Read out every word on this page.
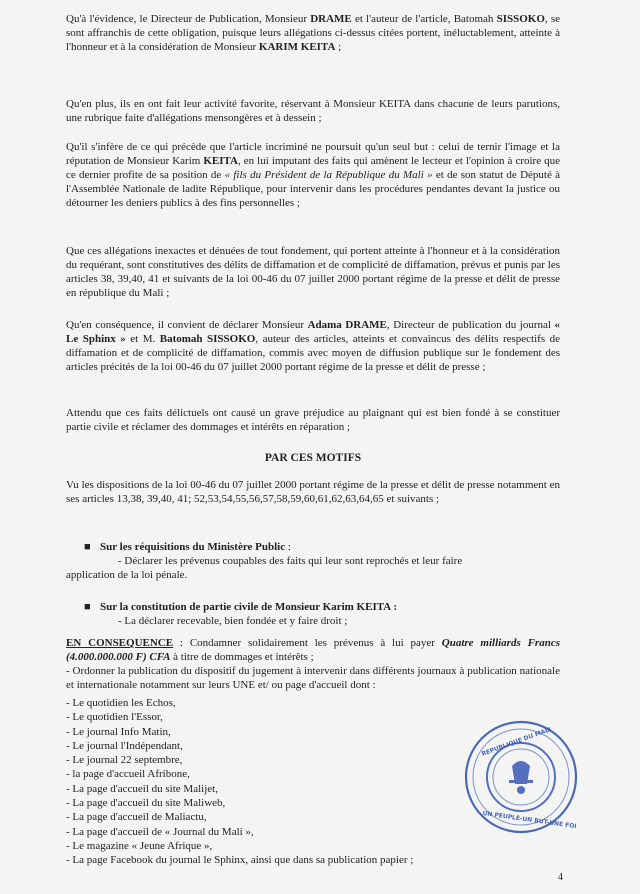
Qu'à l'évidence, le Directeur de Publication, Monsieur DRAME et l'auteur de l'article, Batomah SISSOKO, se sont affranchis de cette obligation, puisque leurs allégations ci-dessus citées portent, inéluctablement, atteinte à l'honneur et à la considération de Monsieur KARIM KEITA ;

Qu'en plus, ils en ont fait leur activité favorite, réservant à Monsieur KEITA dans chacune de leurs parutions, une rubrique faite d'allégations mensongères et à dessein ;

Qu'il s'infère de ce qui précède que l'article incriminé ne poursuit qu'un seul but : celui de ternir l'image et la réputation de Monsieur Karim KEITA, en lui imputant des faits qui amènent le lecteur et l'opinion à croire que ce dernier profite de sa position de « fils du Président de la République du Mali » et de son statut de Député à l'Assemblée Nationale de ladite République, pour intervenir dans les procédures pendantes devant la justice ou détourner les deniers publics à des fins personnelles ;

Que ces allégations inexactes et dénuées de tout fondement, qui portent atteinte à l'honneur et à la considération du requérant, sont constitutives des délits de diffamation et de complicité de diffamation, prévus et punis par les articles 38, 39,40, 41 et suivants de la loi 00-46 du 07 juillet 2000 portant régime de la presse et délit de presse en république du Mali ;

Qu'en conséquence, il convient de déclarer Monsieur Adama DRAME, Directeur de publication du journal « Le Sphinx » et M. Batomah SISSOKO, auteur des articles, atteints et convaincus des délits respectifs de diffamation et de complicité de diffamation, commis avec moyen de diffusion publique sur le fondement des articles précités de la loi 00-46 du 07 juillet 2000 portant régime de la presse et délit de presse ;

Attendu que ces faits délictuels ont causé un grave préjudice au plaignant qui est bien fondé à se constituer partie civile et réclamer des dommages et intérêts en réparation ;

PAR CES MOTIFS

Vu les dispositions de la loi 00-46 du 07 juillet 2000 portant régime de la presse et délit de presse notamment en ses articles 13,38, 39,40, 41; 52,53,54,55,56,57,58,59,60,61,62,63,64,65 et suivants ;

■ Sur les réquisitions du Ministère Public :
- Déclarer les prévenus coupables des faits qui leur sont reprochés et leur faire
application de la loi pénale.
■ Sur la constitution de partie civile de Monsieur Karim KEITA :
- La déclarer recevable, bien fondée et y faire droit ;

EN CONSEQUENCE : Condamner solidairement les prévenus à lui payer Quatre milliards Francs (4.000.000.000 F) CFA à titre de dommages et intérêts ;
- Ordonner la publication du dispositif du jugement à intervenir dans différents journaux à publication nationale et internationale notamment sur leurs UNE et/ ou page d'accueil dont :

- Le quotidien les Echos,
- Le quotidien l'Essor,
- Le journal Info Matin,
- Le journal l'Indépendant,
- Le journal 22 septembre,
- la page d'accueil Afribone,
- La page d'accueil du site Malijet,
- La page d'accueil du site Maliweb,
- La page d'accueil de Maliactu,
- La page d'accueil de « Journal du Mali »,
- Le magazine « Jeune Afrique »,
- La page Facebook du journal le Sphinx, ainsi que dans sa publication papier ;
REPUBLIQUE DU MALI
UN PEUPLE-UN BUT-UNE FOI
4
